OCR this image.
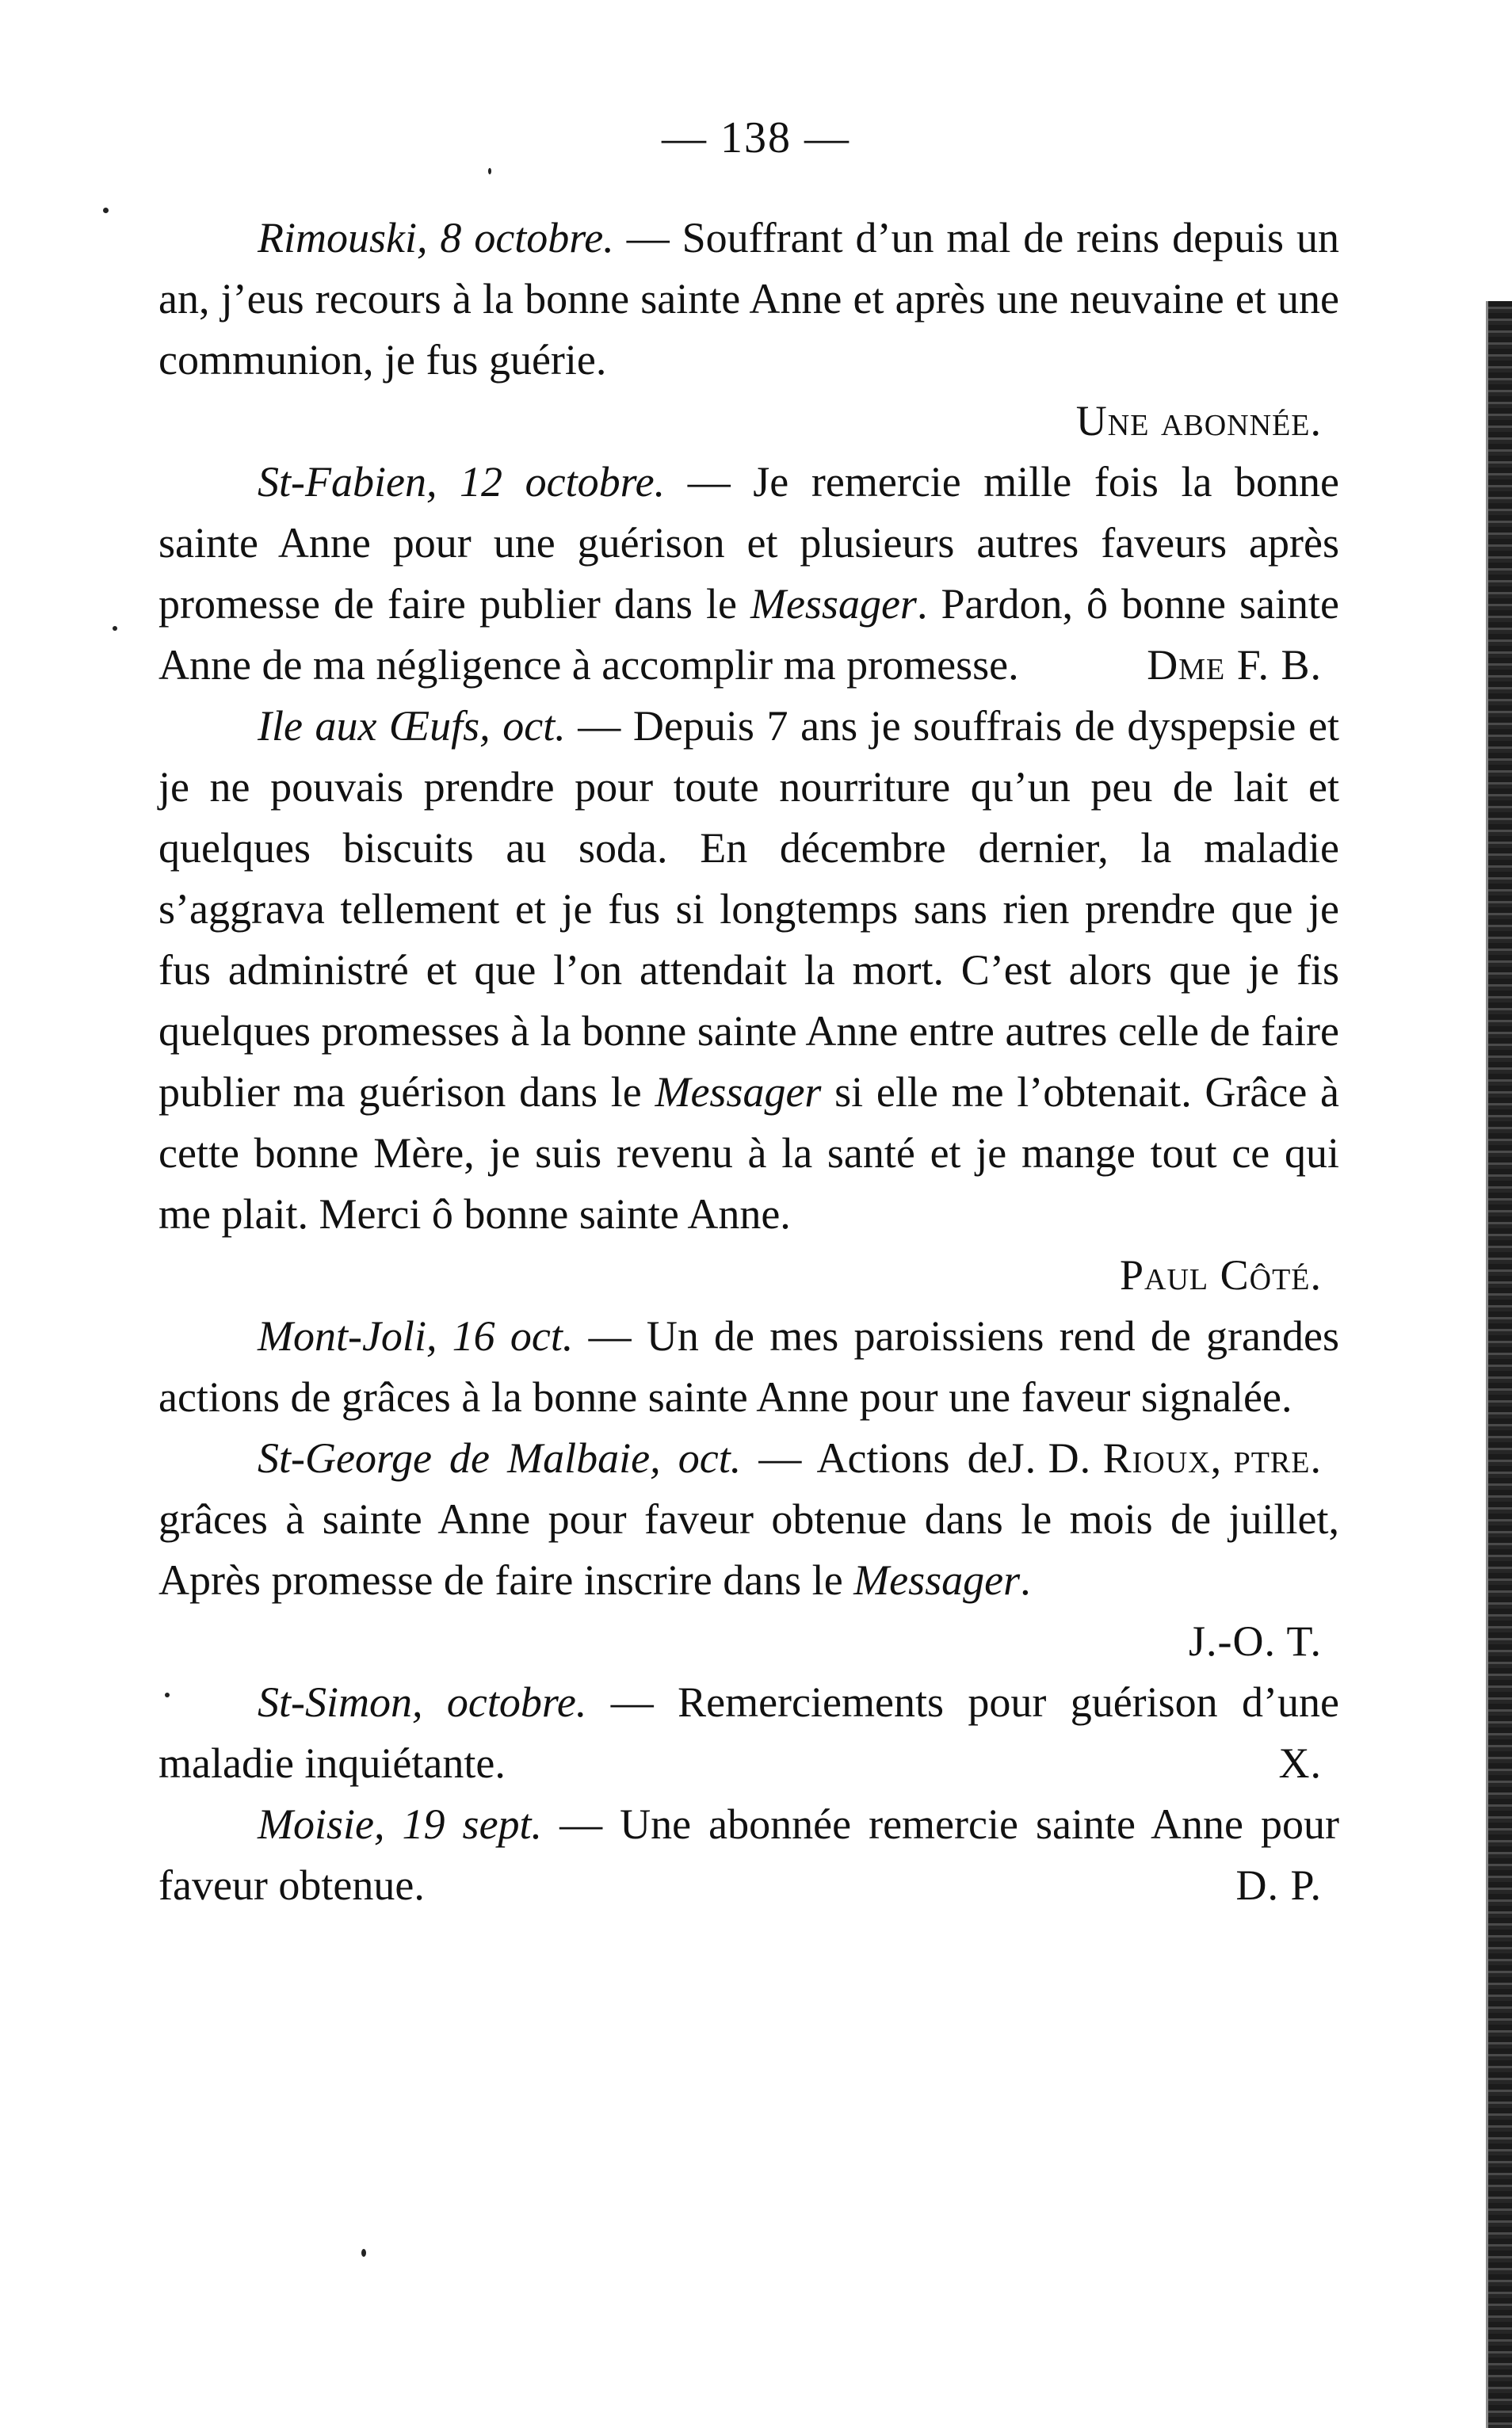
— 138 —

Rimouski, 8 octobre. — Souffrant d’un mal de reins depuis un an, j’eus recours à la bonne sainte Anne et après une neuvaine et une communion, je fus guérie.

Une abonnée.

St-Fabien, 12 octobre. — Je remercie mille fois la bonne sainte Anne pour une guérison et plusieurs autres faveurs après promesse de faire publier dans le Messager. Pardon, ô bonne sainte Anne de ma négligence à accomplir ma promesse.	Dme F. B.

Ile aux Œufs, oct. — Depuis 7 ans je souffrais de dyspepsie et je ne pouvais prendre pour toute nourriture qu’un peu de lait et quelques biscuits au soda. En décembre dernier, la maladie s’aggrava tellement et je fus si longtemps sans rien prendre que je fus administré et que l’on attendait la mort. C’est alors que je fis quelques promesses à la bonne sainte Anne entre autres celle de faire publier ma guérison dans le Messager si elle me l’obtenait. Grâce à cette bonne Mère, je suis revenu à la santé et je mange tout ce qui me plait. Merci ô bonne sainte Anne.

Paul Côté.

Mont-Joli, 16 oct. — Un de mes paroissiens rend de grandes actions de grâces à la bonne sainte Anne pour une faveur signalée.
J. D. Rioux, ptre.

St-George de Malbaie, oct. — Actions de grâces à sainte Anne pour faveur obtenue dans le mois de juillet, Après promesse de faire inscrire dans le Messager.

J.-O. T.

St-Simon, octobre. — Remerciements pour guérison d’une maladie inquiétante.	X.

Moisie, 19 sept. — Une abonnée remercie sainte Anne pour faveur obtenue.	D. P.
